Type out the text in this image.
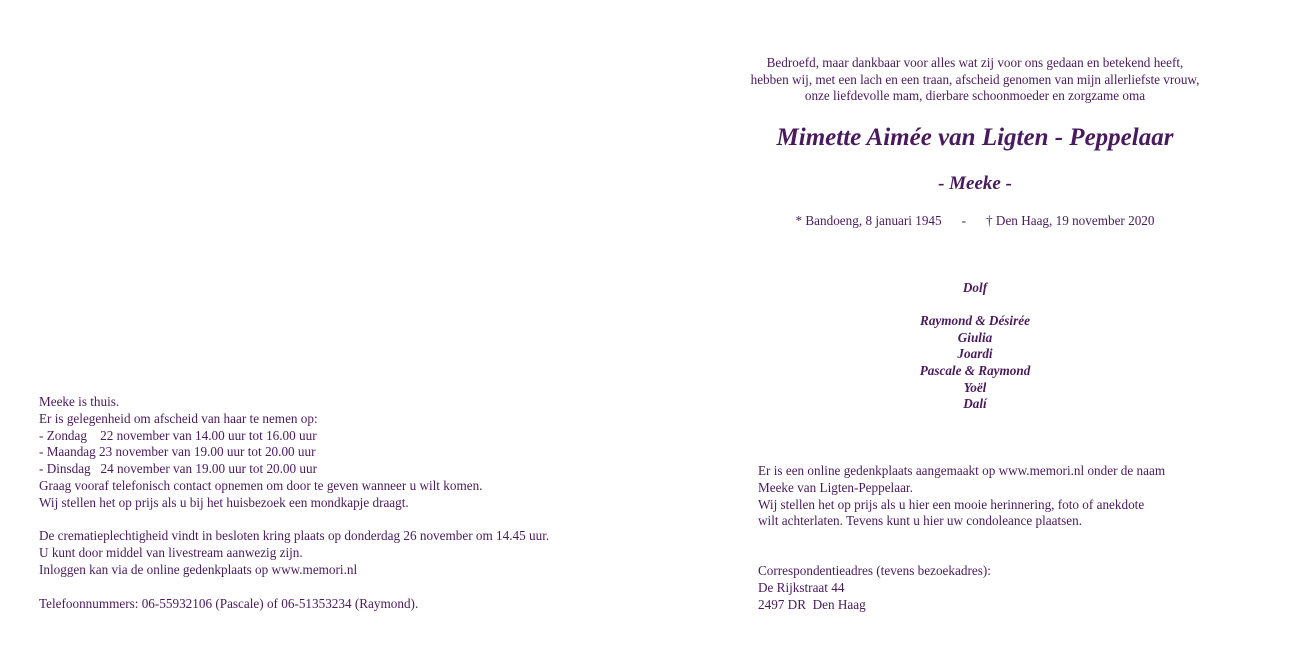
Meeke is thuis.
Er is gelegenheid om afscheid van haar te nemen op:
- Zondag    22 november van 14.00 uur tot 16.00 uur
- Maandag 23 november van 19.00 uur tot 20.00 uur
- Dinsdag   24 november van 19.00 uur tot 20.00 uur
Graag vooraf telefonisch contact opnemen om door te geven wanneer u wilt komen.
Wij stellen het op prijs als u bij het huisbezoek een mondkapje draagt.
De crematieplechtigheid vindt in besloten kring plaats op donderdag 26 november om 14.45 uur.
U kunt door middel van livestream aanwezig zijn.
Inloggen kan via de online gedenkplaats op www.memori.nl
Telefoonnummers: 06-55932106 (Pascale) of 06-51353234 (Raymond).
Bedroefd, maar dankbaar voor alles wat zij voor ons gedaan en betekend heeft,
hebben wij, met een lach en een traan, afscheid genomen van mijn allerliefste vrouw,
onze liefdevolle mam, dierbare schoonmoeder en zorgzame oma
Mimette Aimée van Ligten - Peppelaar
- Meeke -
* Bandoeng, 8 januari 1945 - † Den Haag, 19 november 2020
Dolf
Raymond & Désirée
Giulia
Joardi
Pascale & Raymond
Yoël
Dalí
Er is een online gedenkplaats aangemaakt op www.memori.nl onder de naam
Meeke van Ligten-Peppelaar.
Wij stellen het op prijs als u hier een mooie herinnering, foto of anekdote
wilt achterlaten. Tevens kunt u hier uw condoleance plaatsen.
Correspondentieadres (tevens bezoekadres):
De Rijkstraat 44
2497 DR  Den Haag
